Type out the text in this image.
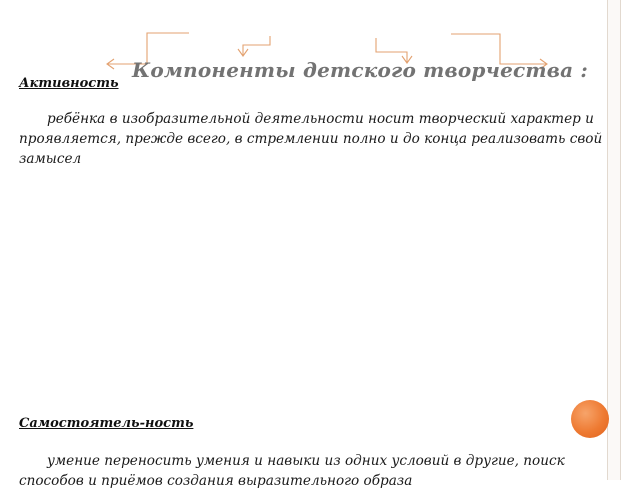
Компоненты детского творчества :
Активность

ребёнка в изобразительной деятельности носит творческий характер и проявляется, прежде всего, в стремлении полно и до конца реализовать свой замысел

Самостоятель-ность

умение переносить умения и навыки из одних условий в другие, поиск способов и приёмов создания выразительного образа
